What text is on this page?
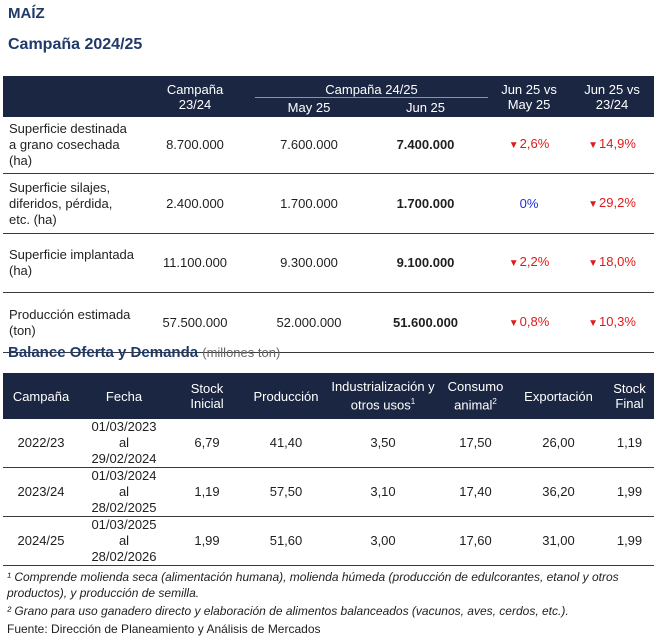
MAÍZ
Campaña 2024/25
	Campaña 23/24	Campaña 24/25		Jun 25 vs May 25	Jun 25 vs 23/24
		May 25	Jun 25		
Superficie destinada a grano cosechada (ha)	8.700.000	7.600.000	7.400.000	▼2,6%	▼14,9%
Superficie silajes, diferidos, pérdida, etc. (ha)	2.400.000	1.700.000	1.700.000	0%	▼29,2%
Superficie implantada (ha)	11.100.000	9.300.000	9.100.000	▼2,2%	▼18,0%
Producción estimada (ton)	57.500.000	52.000.000	51.600.000	▼0,8%	▼10,3%
Balance Oferta y Demanda (millones ton)
Campaña	Fecha	Stock Inicial	Producción	Industrialización y otros usos$^1$	Consumo animal$^2$	Exportación	Stock Final
2022/23	01/03/2023
al
29/02/2024	6,79	41,40	3,50	17,50	26,00	1,19
2023/24	01/03/2024
al
28/02/2025	1,19	57,50	3,10	17,40	36,20	1,99
2024/25	01/03/2025
al
28/02/2026	1,99	51,60	3,00	17,60	31,00	1,99
¹ Comprende molienda seca (alimentación humana), molienda húmeda (producción de edulcorantes, etanol y otros productos), y producción de semilla.
² Grano para uso ganadero directo y elaboración de alimentos balanceados (vacunos, aves, cerdos, etc.).
Fuente: Dirección de Planeamiento y Análisis de Mercados
